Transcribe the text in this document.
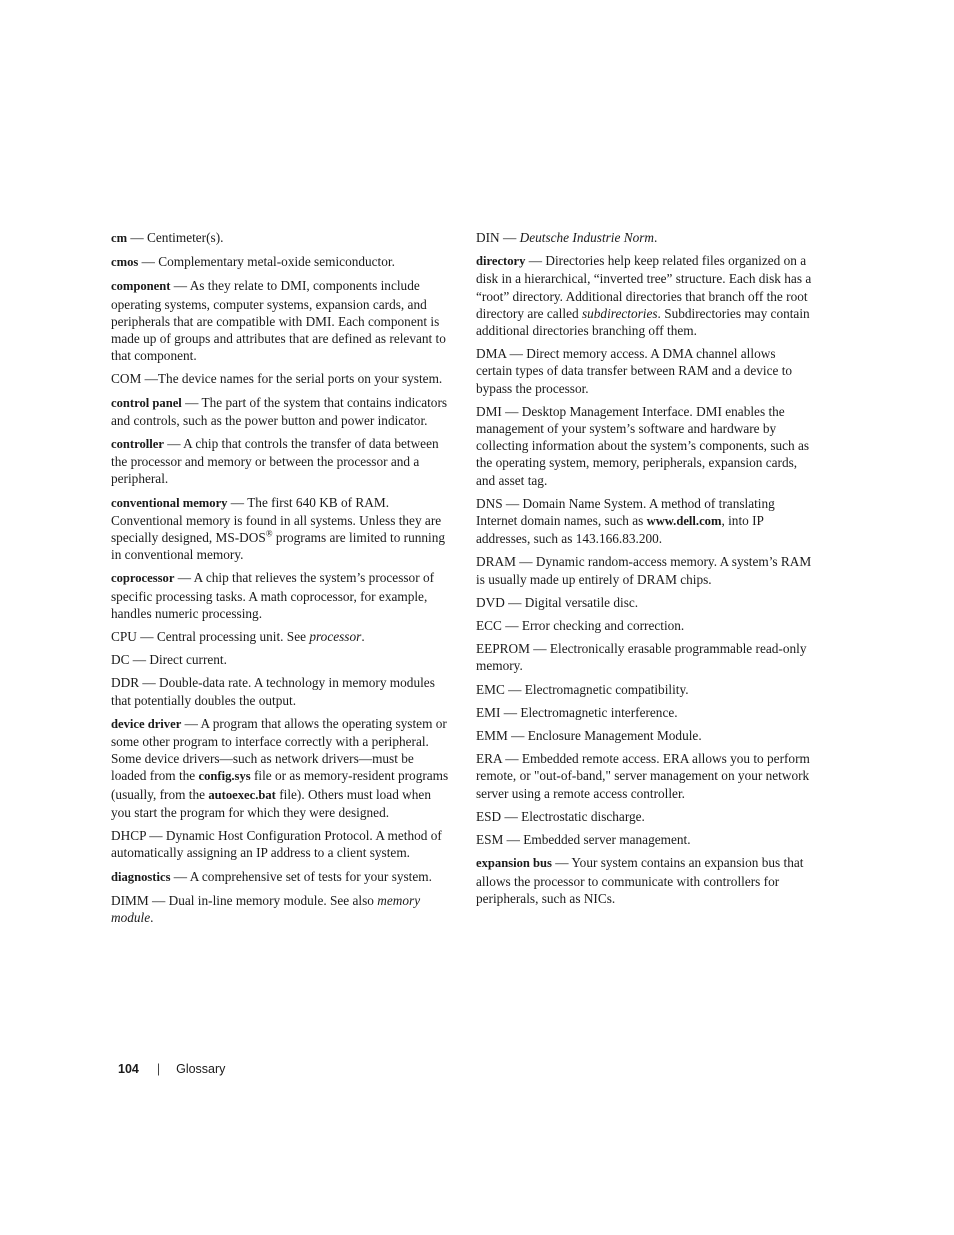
cm — Centimeter(s).

cmos — Complementary metal-oxide semiconductor.

component — As they relate to DMI, components include operating systems, computer systems, expansion cards, and peripherals that are compatible with DMI. Each component is made up of groups and attributes that are defined as relevant to that component.

COM —The device names for the serial ports on your system.

control panel — The part of the system that contains indicators and controls, such as the power button and power indicator.

controller — A chip that controls the transfer of data between the processor and memory or between the processor and a peripheral.

conventional memory — The first 640 KB of RAM. Conventional memory is found in all systems. Unless they are specially designed, MS-DOS® programs are limited to running in conventional memory.

coprocessor — A chip that relieves the system’s processor of specific processing tasks. A math coprocessor, for example, handles numeric processing.

CPU — Central processing unit. See processor.

DC — Direct current.

DDR — Double-data rate. A technology in memory modules that potentially doubles the output.

device driver — A program that allows the operating system or some other program to interface correctly with a peripheral. Some device drivers—such as network drivers—must be loaded from the config.sys file or as memory-resident programs (usually, from the autoexec.bat file). Others must load when you start the program for which they were designed.

DHCP — Dynamic Host Configuration Protocol. A method of automatically assigning an IP address to a client system.

diagnostics — A comprehensive set of tests for your system.

DIMM — Dual in-line memory module. See also memory module.

DIN — Deutsche Industrie Norm.

directory — Directories help keep related files organized on a disk in a hierarchical, “inverted tree” structure. Each disk has a “root” directory. Additional directories that branch off the root directory are called subdirectories. Subdirectories may contain additional directories branching off them.

DMA — Direct memory access. A DMA channel allows certain types of data transfer between RAM and a device to bypass the processor.

DMI — Desktop Management Interface. DMI enables the management of your system’s software and hardware by collecting information about the system’s components, such as the operating system, memory, peripherals, expansion cards, and asset tag.

DNS — Domain Name System. A method of translating Internet domain names, such as www.dell.com, into IP addresses, such as 143.166.83.200.

DRAM — Dynamic random-access memory. A system’s RAM is usually made up entirely of DRAM chips.

DVD — Digital versatile disc.

ECC — Error checking and correction.

EEPROM — Electronically erasable programmable read-only memory.

EMC — Electromagnetic compatibility.

EMI — Electromagnetic interference.

EMM — Enclosure Management Module.

ERA — Embedded remote access. ERA allows you to perform remote, or "out-of-band," server management on your network server using a remote access controller.

ESD — Electrostatic discharge.

ESM — Embedded server management.

expansion bus — Your system contains an expansion bus that allows the processor to communicate with controllers for peripherals, such as NICs.

104 | Glossary
